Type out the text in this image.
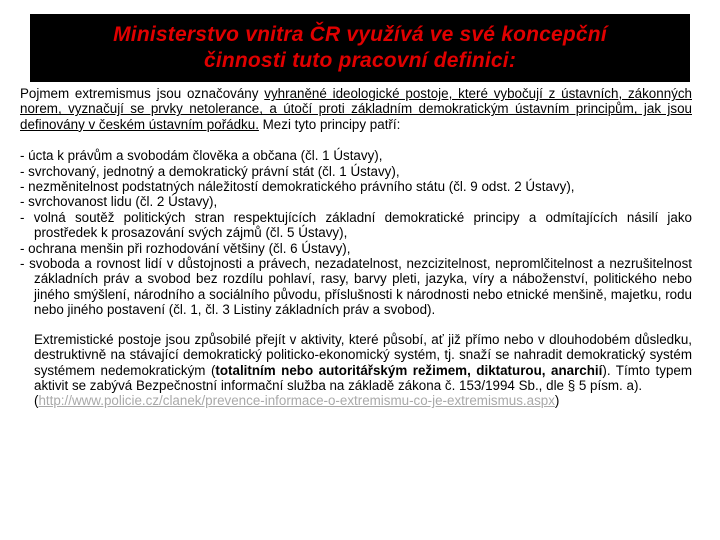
Ministerstvo vnitra ČR využívá ve své koncepční
činnosti tuto pracovní definici:

Pojmem extremismus jsou označovány vyhraněné ideologické postoje, které vybočují z ústavních, zákonných norem, vyznačují se prvky netolerance, a útočí proti základním demokratickým ústavním principům, jak jsou definovány v českém ústavním pořádku. Mezi tyto principy patří:

- úcta k právům a svobodám člověka a občana (čl. 1 Ústavy),
- svrchovaný, jednotný a demokratický právní stát (čl. 1 Ústavy),
- nezměnitelnost podstatných náležitostí demokratického právního státu (čl. 9 odst. 2 Ústavy),
- svrchovanost lidu (čl. 2 Ústavy),
- volná soutěž politických stran respektujících základní demokratické principy a odmítajících násilí jako prostředek k prosazování svých zájmů (čl. 5 Ústavy),
- ochrana menšin při rozhodování většiny (čl. 6 Ústavy),
- svoboda a rovnost lidí v důstojnosti a právech, nezadatelnost, nezcizitelnost, nepromlčitelnost a nezrušitelnost základních práv a svobod bez rozdílu pohlaví, rasy, barvy pleti, jazyka, víry a náboženství, politického nebo jiného smýšlení, národního a sociálního původu, příslušnosti k národnosti nebo etnické menšině, majetku, rodu nebo jiného postavení (čl. 1, čl. 3 Listiny základních práv a svobod).

Extremistické postoje jsou způsobilé přejít v aktivity, které působí, ať již přímo nebo v dlouhodobém důsledku, destruktivně na stávající demokratický politicko-ekonomický systém, tj. snaží se nahradit demokratický systém systémem nedemokratickým (totalitním nebo autoritářským režimem, diktaturou, anarchií). Tímto typem aktivit se zabývá Bezpečnostní informační služba na základě zákona č. 153/1994 Sb., dle § 5 písm. a).
(http://www.policie.cz/clanek/prevence-informace-o-extremismu-co-je-extremismus.aspx)
